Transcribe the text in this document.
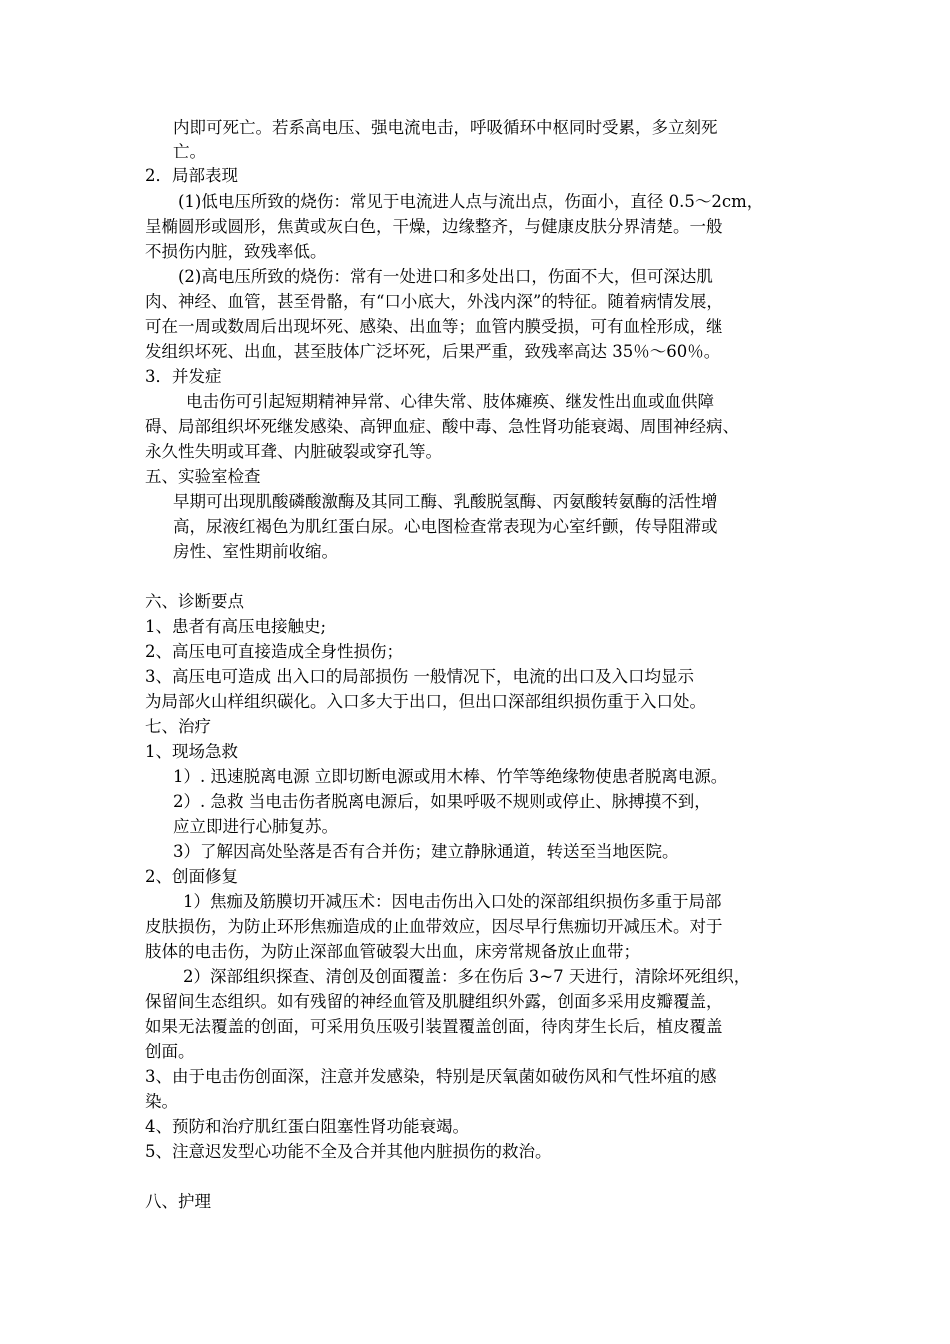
内即可死亡。若系高电压、强电流电击，呼吸循环中枢同时受累，多立刻死
亡。
2．局部表现
(1)低电压所致的烧伤：常见于电流进人点与流出点，伤面小，直径 0.5～2cm，
呈椭圆形或圆形，焦黄或灰白色，干燥，边缘整齐，与健康皮肤分界清楚。一般
不损伤内脏，致残率低。
(2)高电压所致的烧伤：常有一处进口和多处出口，伤面不大，但可深达肌
肉、神经、血管，甚至骨骼，有“口小底大，外浅内深”的特征。随着病情发展，
可在一周或数周后出现坏死、感染、出血等；血管内膜受损，可有血栓形成，继
发组织坏死、出血，甚至肢体广泛坏死，后果严重，致残率高达 35％～60％。
3．并发症
电击伤可引起短期精神异常、心律失常、肢体瘫痪、继发性出血或血供障
碍、局部组织坏死继发感染、高钾血症、酸中毒、急性肾功能衰竭、周围神经病、
永久性失明或耳聋、内脏破裂或穿孔等。
五、实验室检查
早期可出现肌酸磷酸激酶及其同工酶、乳酸脱氢酶、丙氨酸转氨酶的活性增
高，尿液红褐色为肌红蛋白尿。心电图检查常表现为心室纤颤，传导阻滞或
房性、室性期前收缩。
六、诊断要点
1、患者有高压电接触史;
2、高压电可直接造成全身性损伤；
3、高压电可造成 出入口的局部损伤 一般情况下，电流的出口及入口均显示
为局部火山样组织碳化。入口多大于出口，但出口深部组织损伤重于入口处。
七、治疗
1、现场急救
1）. 迅速脱离电源 立即切断电源或用木棒、竹竿等绝缘物使患者脱离电源。
2）. 急救 当电击伤者脱离电源后，如果呼吸不规则或停止、脉搏摸不到，
应立即进行心肺复苏。
3）了解因高处坠落是否有合并伤；建立静脉通道，转送至当地医院。
2、创面修复
1）焦痂及筋膜切开减压术：因电击伤出入口处的深部组织损伤多重于局部
皮肤损伤，为防止环形焦痂造成的止血带效应，因尽早行焦痂切开减压术。对于
肢体的电击伤，为防止深部血管破裂大出血，床旁常规备放止血带；
2）深部组织探查、清创及创面覆盖：多在伤后 3~7 天进行，清除坏死组织，
保留间生态组织。如有残留的神经血管及肌腱组织外露，创面多采用皮瓣覆盖，
如果无法覆盖的创面，可采用负压吸引装置覆盖创面，待肉芽生长后，植皮覆盖
创面。
3、由于电击伤创面深，注意并发感染，特别是厌氧菌如破伤风和气性坏疽的感
染。
4、预防和治疗肌红蛋白阻塞性肾功能衰竭。
5、注意迟发型心功能不全及合并其他内脏损伤的救治。
八、护理
